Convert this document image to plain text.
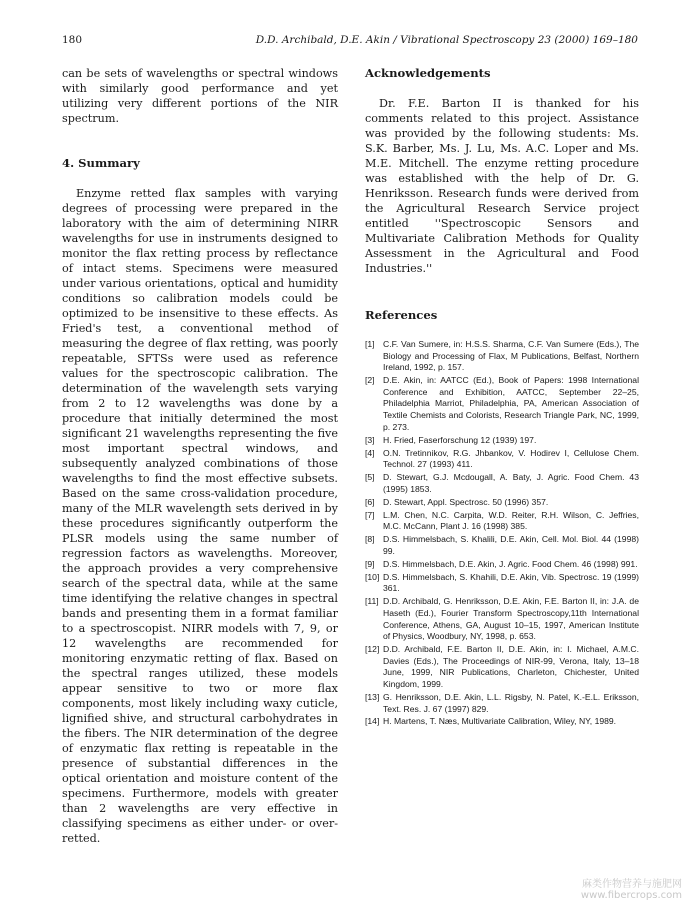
180	D.D. Archibald, D.E. Akin / Vibrational Spectroscopy 23 (2000) 169–180

can be sets of wavelengths or spectral windows with similarly good performance and yet utilizing very different portions of the NIR spectrum.

4. Summary

Enzyme retted flax samples with varying degrees of processing were prepared in the laboratory with the aim of determining NIRR wavelengths for use in instruments designed to monitor the flax retting process by reflectance of intact stems. Specimens were measured under various orientations, optical and humidity conditions so calibration models could be optimized to be insensitive to these effects. As Fried's test, a conventional method of measuring the degree of flax retting, was poorly repeatable, SFTSs were used as reference values for the spectroscopic calibration. The determination of the wavelength sets varying from 2 to 12 wavelengths was done by a procedure that initially determined the most significant 21 wavelengths representing the five most important spectral windows, and subsequently analyzed combinations of those wavelengths to find the most effective subsets. Based on the same cross-validation procedure, many of the MLR wavelength sets derived in by these procedures significantly outperform the PLSR models using the same number of regression factors as wavelengths. Moreover, the approach provides a very comprehensive search of the spectral data, while at the same time identifying the relative changes in spectral bands and presenting them in a format familiar to a spectroscopist. NIRR models with 7, 9, or 12 wavelengths are recommended for monitoring enzymatic retting of flax. Based on the spectral ranges utilized, these models appear sensitive to two or more flax components, most likely including waxy cuticle, lignified shive, and structural carbohydrates in the fibers. The NIR determination of the degree of enzymatic flax retting is repeatable in the presence of substantial differences in the optical orientation and moisture content of the specimens. Furthermore, models with greater than 2 wavelengths are very effective in classifying specimens as either under- or over-retted.

Acknowledgements

Dr. F.E. Barton II is thanked for his comments related to this project. Assistance was provided by the following students: Ms. S.K. Barber, Ms. J. Lu, Ms. A.C. Loper and Ms. M.E. Mitchell. The enzyme retting procedure was established with the help of Dr. G. Henriksson. Research funds were derived from the Agricultural Research Service project entitled ''Spectroscopic Sensors and Multivariate Calibration Methods for Quality Assessment in the Agricultural and Food Industries.''

References
[1] C.F. Van Sumere, in: H.S.S. Sharma, C.F. Van Sumere (Eds.), The Biology and Processing of Flax, M Publications, Belfast, Northern Ireland, 1992, p. 157.
[2] D.E. Akin, in: AATCC (Ed.), Book of Papers: 1998 International Conference and Exhibition, AATCC, September 22–25, Philadelphia Marriot, Philadelphia, PA, American Association of Textile Chemists and Colorists, Research Triangle Park, NC, 1999, p. 273.
[3] H. Fried, Faserforschung 12 (1939) 197.
[4] O.N. Tretinnikov, R.G. Jhbankov, V. Hodirev I, Cellulose Chem. Technol. 27 (1993) 411.
[5] D. Stewart, G.J. Mcdougall, A. Baty, J. Agric. Food Chem. 43 (1995) 1853.
[6] D. Stewart, Appl. Spectrosc. 50 (1996) 357.
[7] L.M. Chen, N.C. Carpita, W.D. Reiter, R.H. Wilson, C. Jeffries, M.C. McCann, Plant J. 16 (1998) 385.
[8] D.S. Himmelsbach, S. Khalili, D.E. Akin, Cell. Mol. Biol. 44 (1998) 99.
[9] D.S. Himmelsbach, D.E. Akin, J. Agric. Food Chem. 46 (1998) 991.
[10] D.S. Himmelsbach, S. Khahili, D.E. Akin, Vib. Spectrosc. 19 (1999) 361.
[11] D.D. Archibald, G. Henriksson, D.E. Akin, F.E. Barton II, in: J.A. de Haseth (Ed.), Fourier Transform Spectroscopy,11th International Conference, Athens, GA, August 10–15, 1997, American Institute of Physics, Woodbury, NY, 1998, p. 653.
[12] D.D. Archibald, F.E. Barton II, D.E. Akin, in: I. Michael, A.M.C. Davies (Eds.), The Proceedings of NIR-99, Verona, Italy, 13–18 June, 1999, NIR Publications, Charleton, Chichester, United Kingdom, 1999.
[13] G. Henriksson, D.E. Akin, L.L. Rigsby, N. Patel, K.-E.L. Eriksson, Text. Res. J. 67 (1997) 829.
[14] H. Martens, T. Næs, Multivariate Calibration, Wiley, NY, 1989.
麻类作物营养与施肥网
www.fibercrops.com
